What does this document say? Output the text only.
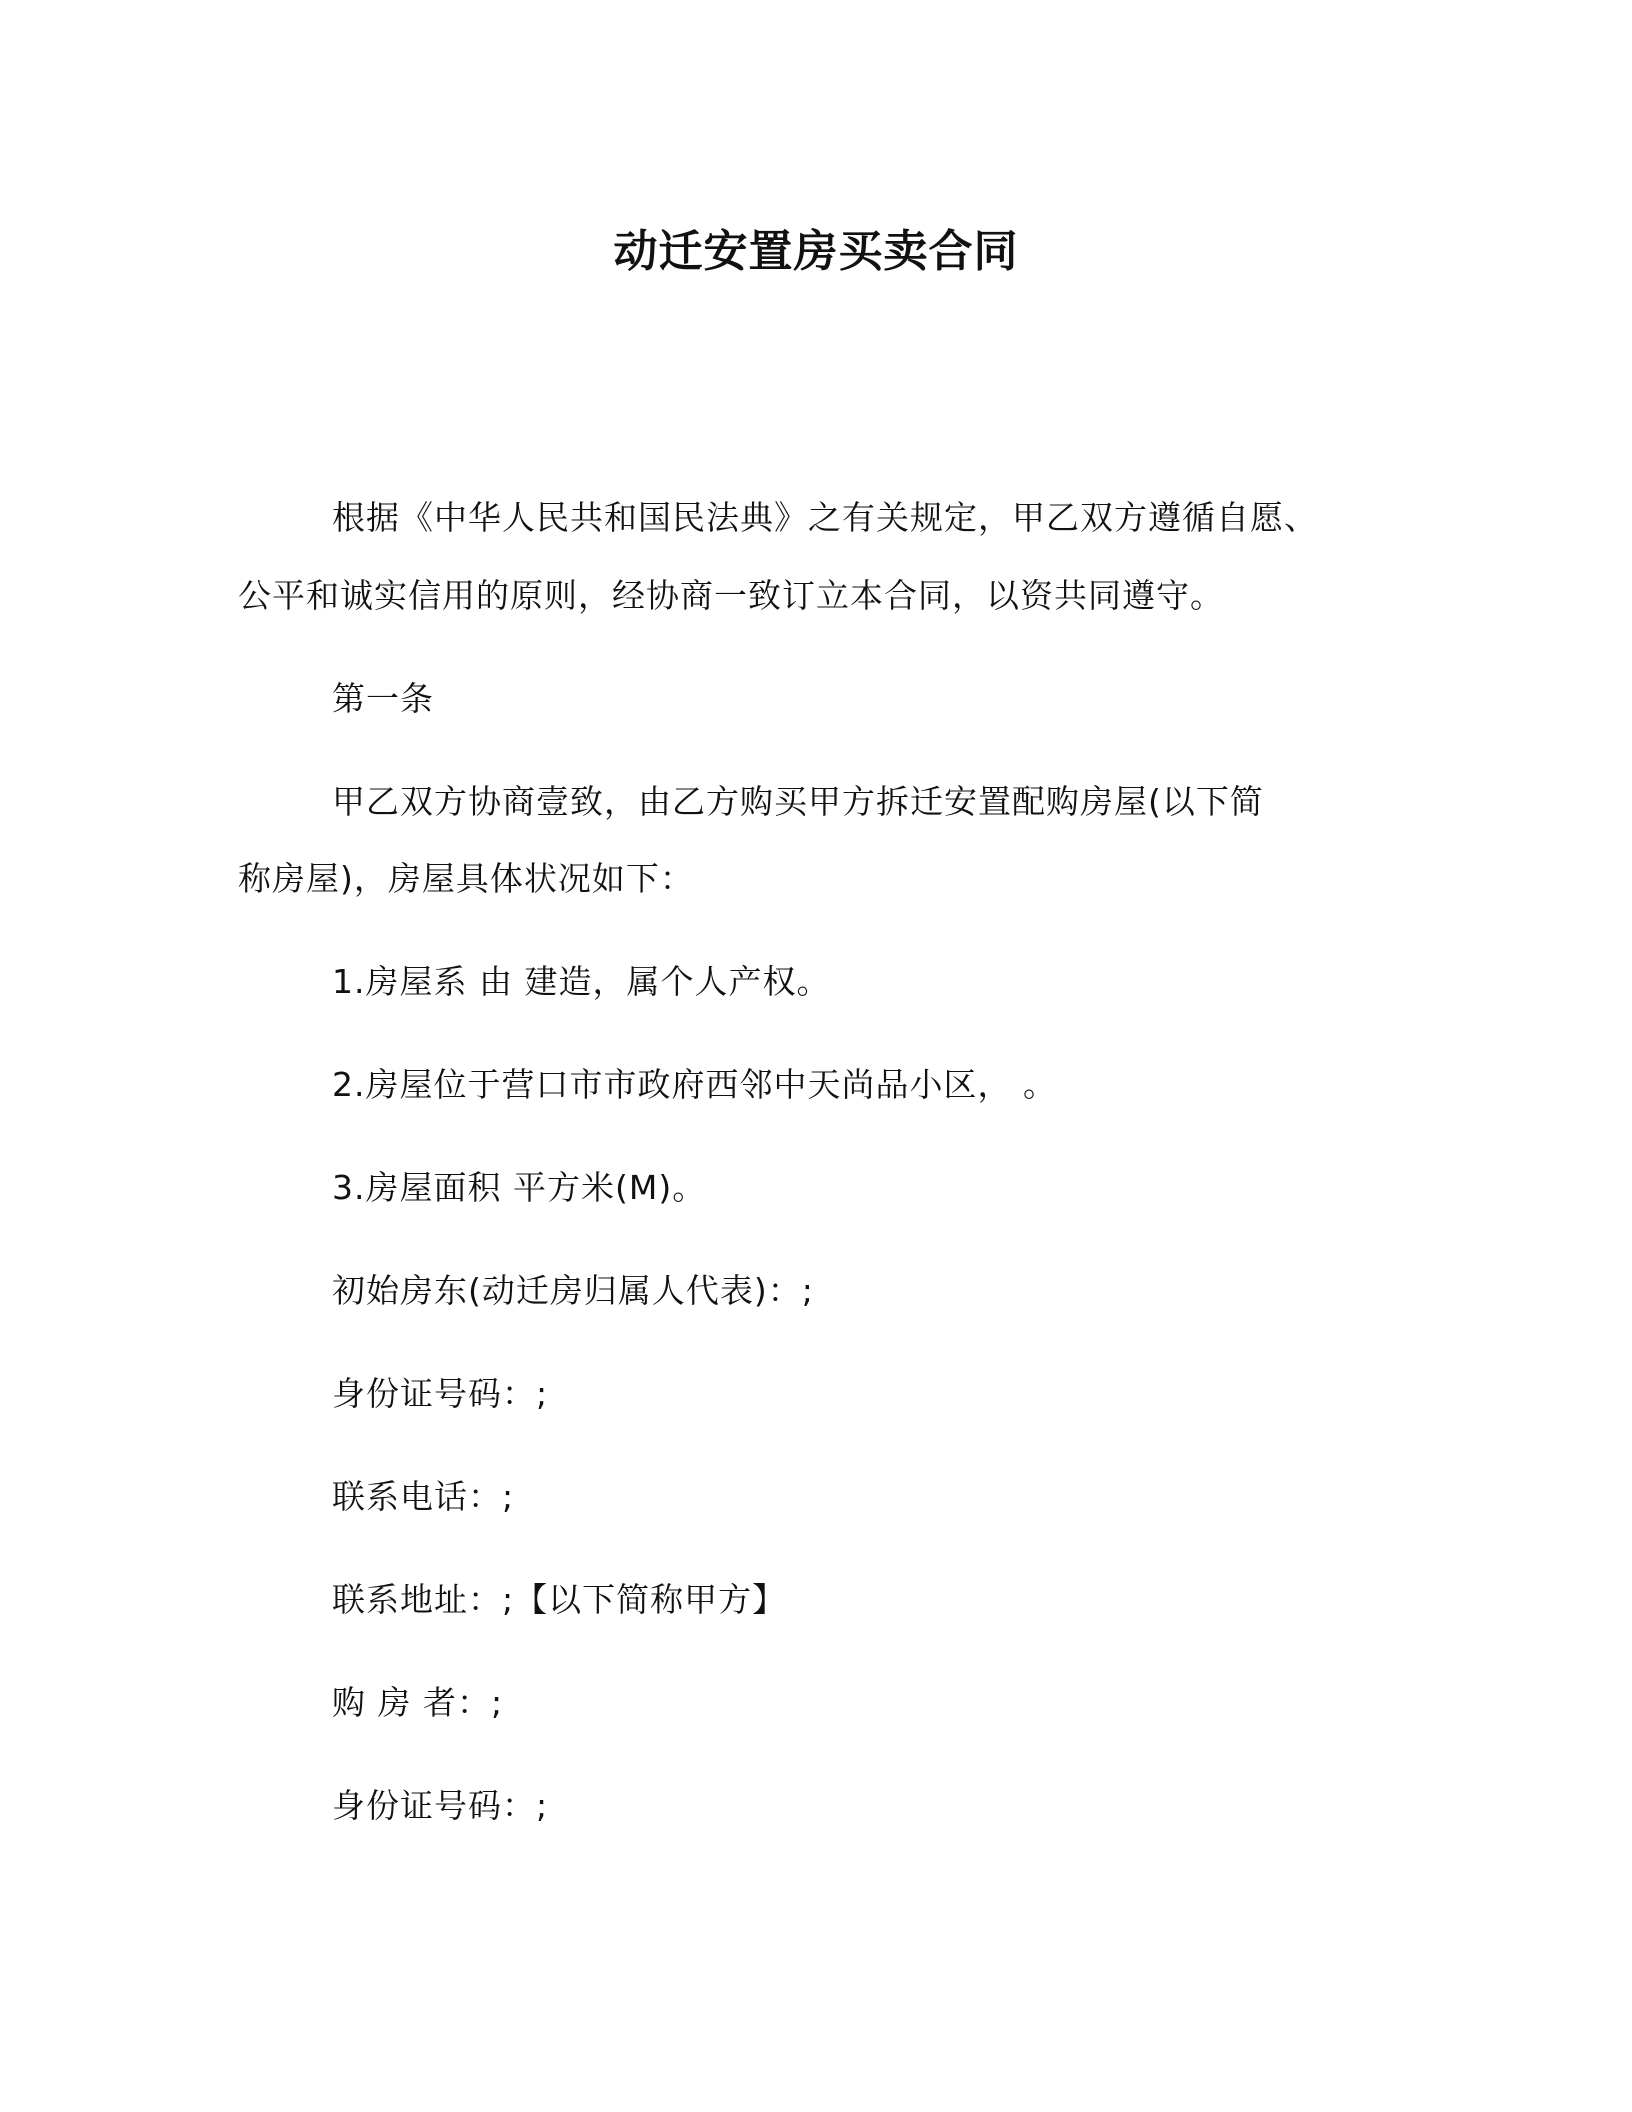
动迁安置房买卖合同
根据《中华人民共和国民法典》之有关规定，甲乙双方遵循自愿、
公平和诚实信用的原则，经协商一致订立本合同，以资共同遵守。
第一条
甲乙双方协商壹致，由乙方购买甲方拆迁安置配购房屋(以下简
称房屋)，房屋具体状况如下：
1.房屋系 由 建造，属个人产权。
2.房屋位于营口市市政府西邻中天尚品小区， 。
3.房屋面积 平方米(M)。
初始房东(动迁房归属人代表)：;
身份证号码：;
联系电话：;
联系地址：;【以下简称甲方】
购 房 者：;
身份证号码：;
